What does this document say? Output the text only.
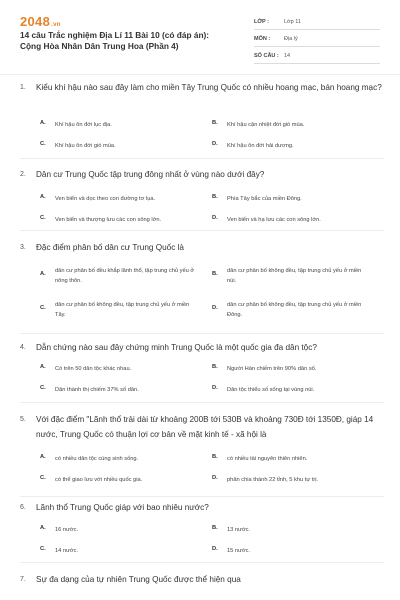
2048.vn
14 câu Trắc nghiệm Địa Lí 11 Bài 10 (có đáp án): Cộng Hòa Nhân Dân Trung Hoa (Phần 4)
LỚP :	Lớp 11
MÔN :	Địa lý
SỐ CÂU : 14
1. Kiểu khí hậu nào sau đây làm cho miền Tây Trung Quốc có nhiều hoang mạc, bán hoang mạc?
A. Khí hậu ôn đới lục địa.	B. Khí hậu cận nhiệt đới gió mùa.
C. Khí hậu ôn đới gió mùa.	D. Khí hậu ôn đới hải dương.
2. Dân cư Trung Quốc tập trung đông nhất ở vùng nào dưới đây?
A. Ven biển và dọc theo con đường tơ lụa.	B. Phía Tây bắc của miền Đông.
C. Ven biển và thượng lưu các con sông lớn.	D. Ven biển và hạ lưu các con sông lớn.
3. Đặc điểm phân bố dân cư Trung Quốc là
A. dân cư phân bố đều khắp lãnh thổ, tập trung chủ yếu ở nông thôn.
B. dân cư phân bố không đều, tập trung chủ yếu ở miền núi.
C. dân cư phân bố không đều, tập trung chủ yếu ở miền Tây.
D. dân cư phân bố không đều, tập trung chủ yếu ở miền Đông.
4. Dẫn chứng nào sau đây chứng minh Trung Quốc là một quốc gia đa dân tộc?
A. Có trên 50 dân tộc khác nhau.	B. Người Hán chiếm trên 90% dân số.
C. Dân thành thị chiếm 37% số dân.	D. Dân tộc thiểu số sống tại vùng núi.
5. Với đặc điểm "Lãnh thổ trải dài từ khoảng 200B tới 530B và khoảng 730Đ tới 1350Đ, giáp 14 nước, Trung Quốc có thuận lợi cơ bản về mặt kinh tế - xã hội là
A. có nhiều dân tộc cùng sinh sống.	B. có nhiều tài nguyên thiên nhiên.
C. có thể giao lưu với nhiều quốc gia.	D. phân chia thành 22 tỉnh, 5 khu tự trị.
6. Lãnh thổ Trung Quốc giáp với bao nhiêu nước?
A. 16 nước.	B. 13 nước.
C. 14 nước.	D. 15 nước.
7. Sự đa dạng của tự nhiên Trung Quốc được thể hiện qua
